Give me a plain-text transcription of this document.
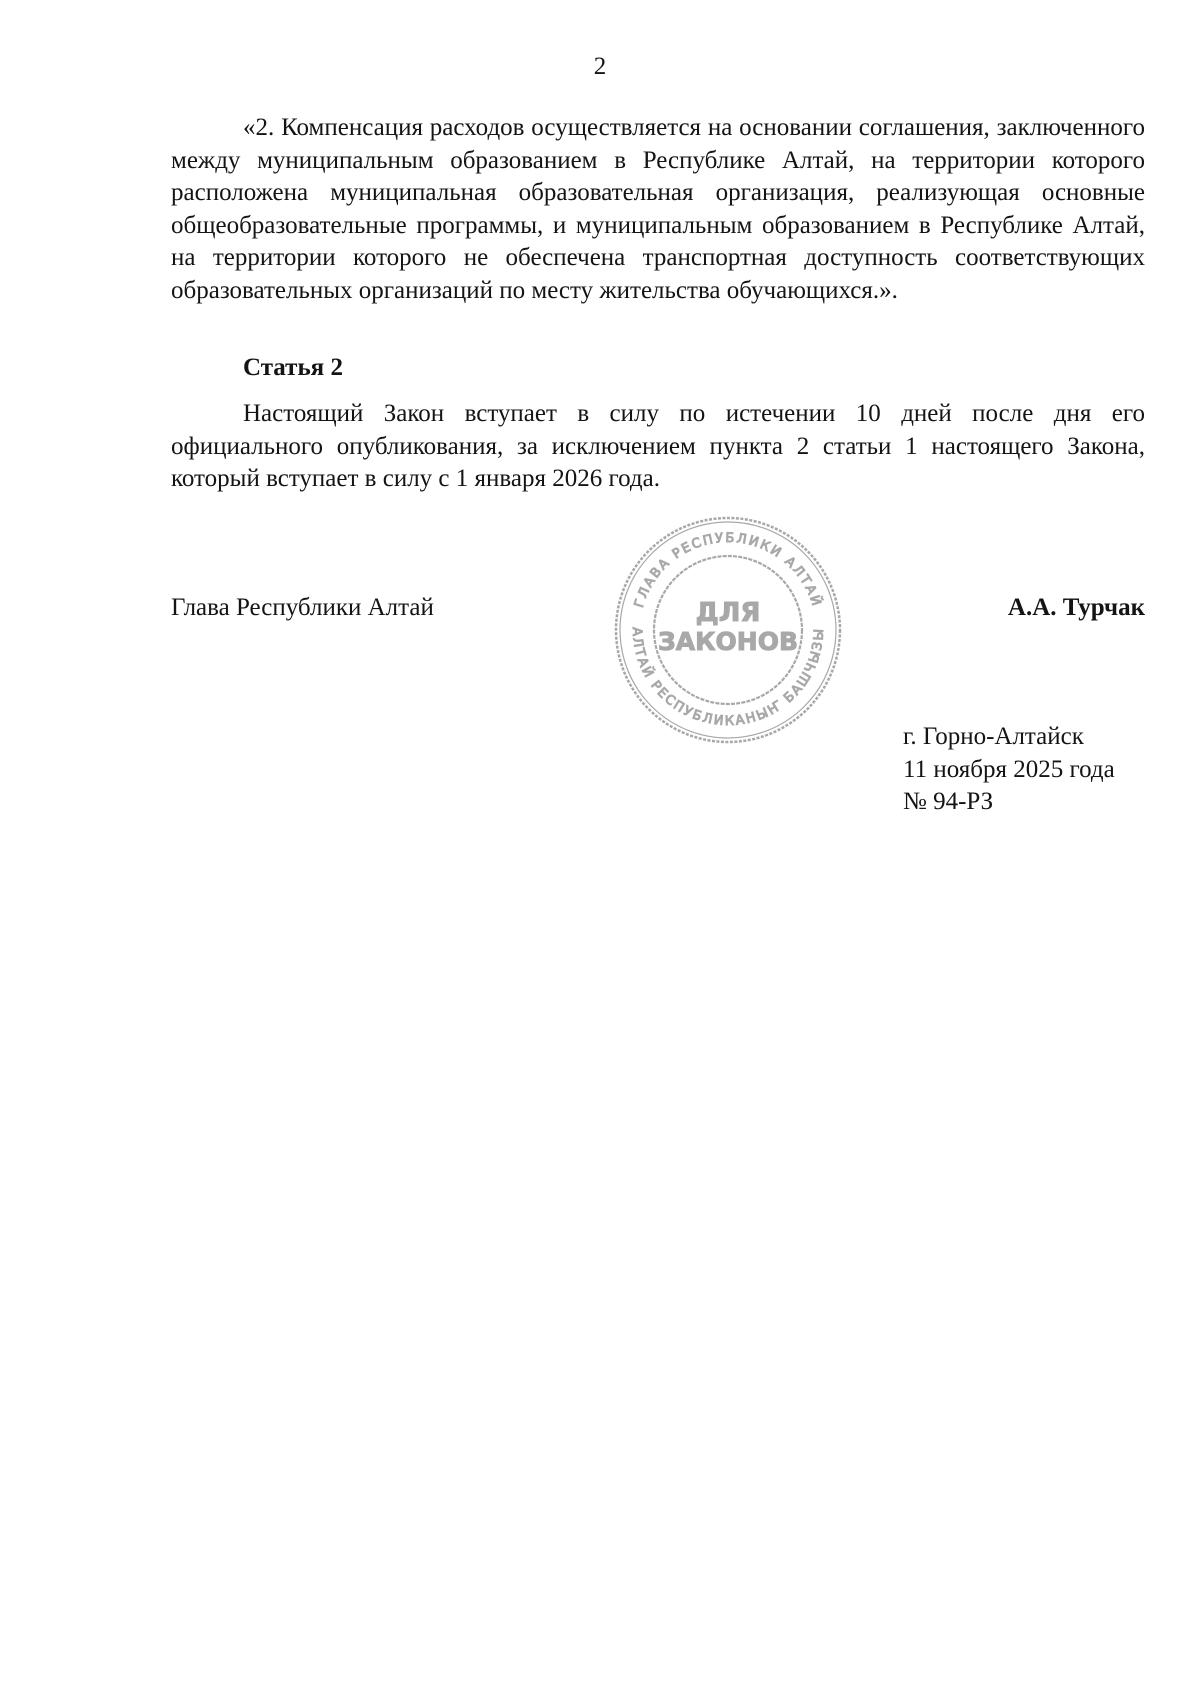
2

«2. Компенсация расходов осуществляется на основании соглашения, заключенного между муниципальным образованием в Республике Алтай, на территории которого расположена муниципальная образовательная организация, реализующая основные общеобразовательные программы, и муниципальным образованием в Республике Алтай, на территории которого не обеспечена транспортная доступность соответствующих образовательных организаций по месту жительства обучающихся.».

Статья 2

Настоящий Закон вступает в силу по истечении 10 дней после дня его официального опубликования, за исключением пункта 2 статьи 1 настоящего Закона, который вступает в силу с 1 января 2026 года.

Глава Республики Алтай	А.А. Турчак
ГЛАВА РЕСПУБЛИКИ АЛТАЙ
АЛТАЙ РЕСПУБЛИКАНЫҤ БАШЧЫЗЫ
ДЛЯ
ЗАКОНОВ
г. Горно-Алтайск
11 ноября 2025 года
№ 94-РЗ
